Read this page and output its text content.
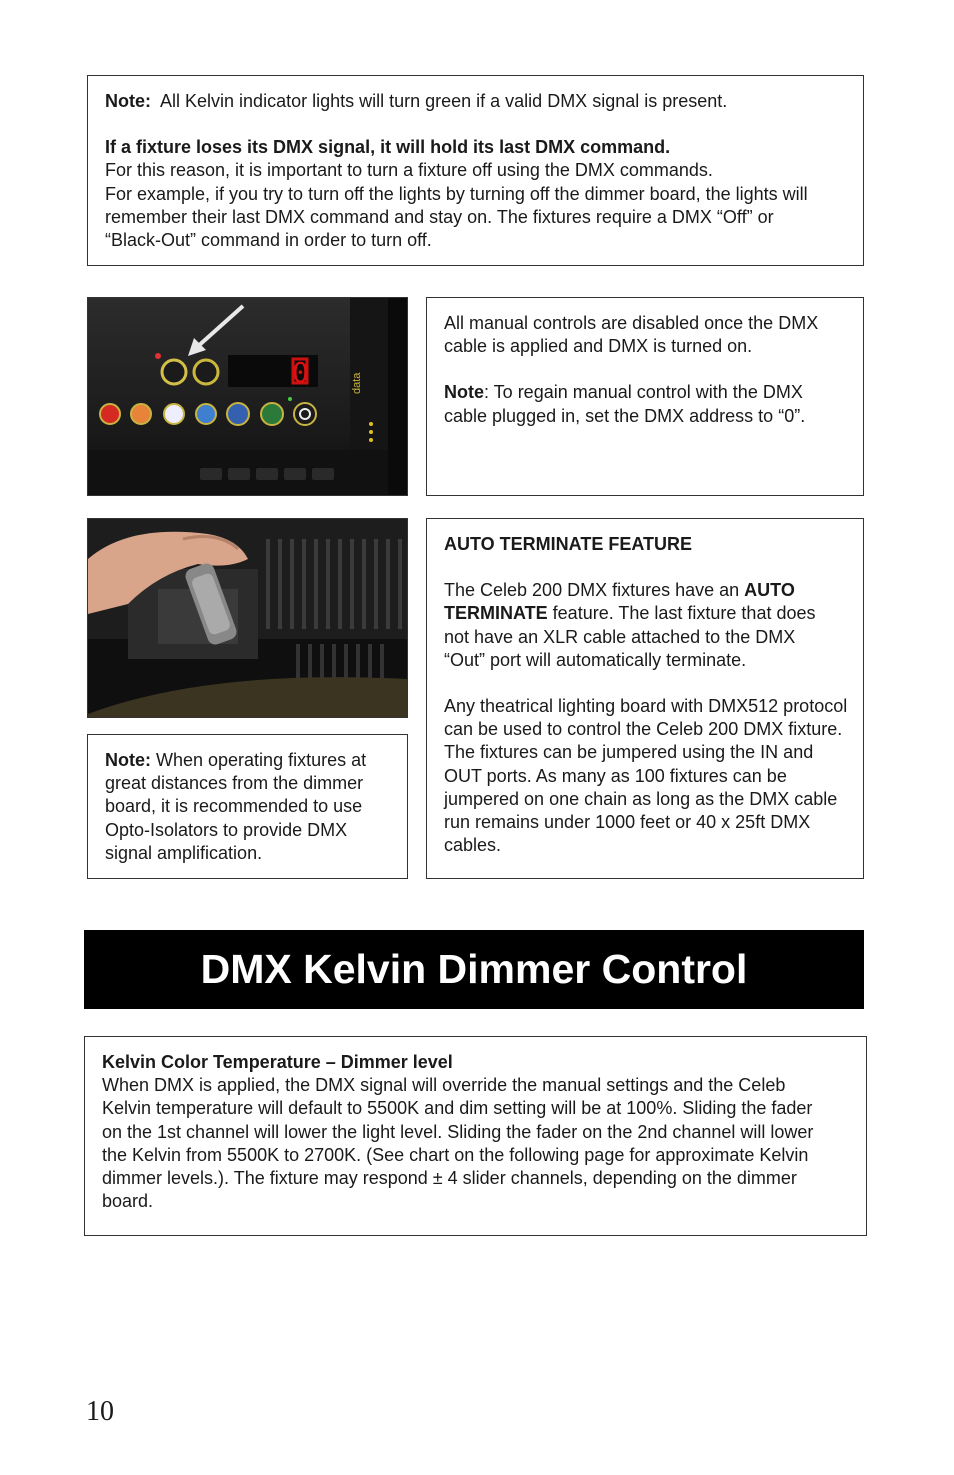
Note: All Kelvin indicator lights will turn green if a valid DMX signal is present.

If a fixture loses its DMX signal, it will hold its last DMX command.

For this reason, it is important to turn a fixture off using the DMX commands.

For example, if you try to turn off the lights by turning off the dimmer board, the lights will remember their last DMX command and stay on. The fixtures require a DMX “Off” or “Black-Out” command in order to turn off.

0	data

All manual controls are disabled once the DMX cable is applied and DMX is turned on.

Note: To regain manual control with the DMX cable plugged in, set the DMX address to “0”.

AUTO TERMINATE FEATURE

The Celeb 200 DMX fixtures have an AUTO TERMINATE feature. The last fixture that does not have an XLR cable attached to the DMX “Out” port will automatically terminate.

Any theatrical lighting board with DMX512 protocol can be used to control the Celeb 200 DMX fixture. The fixtures can be jumpered using the IN and OUT ports. As many as 100 fixtures can be jumpered on one chain as long as the DMX cable run remains under 1000 feet or 40 x 25ft DMX cables.

Note: When operating fixtures at great distances from the dimmer board, it is recommended to use Opto-Isolators to provide DMX signal amplification.

DMX Kelvin Dimmer Control

Kelvin Color Temperature – Dimmer level

When DMX is applied, the DMX signal will override the manual settings and the Celeb Kelvin temperature will default to 5500K and dim setting will be at 100%. Sliding the fader on the 1st channel will lower the light level. Sliding the fader on the 2nd channel will lower the Kelvin from 5500K to 2700K. (See chart on the following page for approximate Kelvin dimmer levels.). The fixture may respond ± 4 slider channels, depending on the dimmer board.

10
